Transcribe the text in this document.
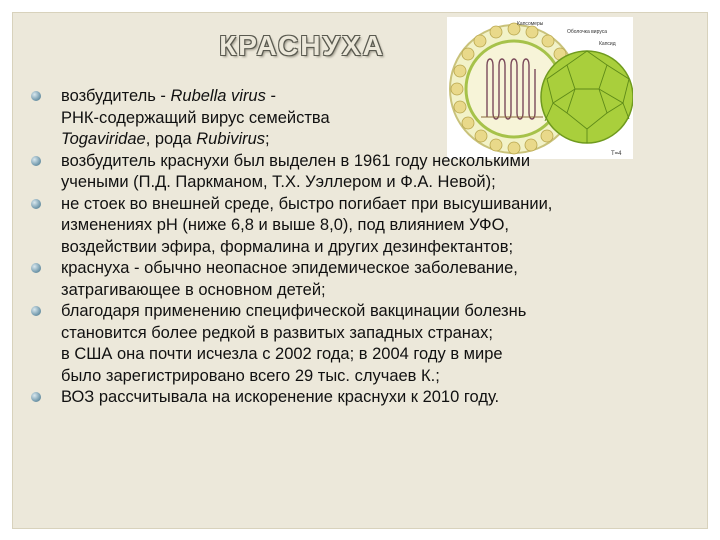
КРАСНУХА
Капсомеры
Оболочка вируса
Капсид
Т=4
возбудитель - Rubella virus -
РНК-содержащий вирус семейства
Togaviridae, рода Rubivirus;
возбудитель краснухи был выделен в 1961 году несколькими
учеными (П.Д. Паркманом, Т.Х. Уэллером и Ф.А. Невой);
не стоек во внешней среде, быстро погибает при высушивании,
изменениях pH (ниже 6,8 и выше 8,0), под влиянием УФО,
воздействии эфира, формалина и других дезинфектантов;
краснуха - обычно неопасное эпидемическое заболевание,
затрагивающее в основном детей;
благодаря применению специфической вакцинации болезнь
становится более редкой в развитых западных странах;
в США она почти исчезла с 2002 года; в 2004 году в мире
было зарегистрировано всего 29 тыс. случаев К.;
ВОЗ рассчитывала на искоренение краснухи к 2010 году.
